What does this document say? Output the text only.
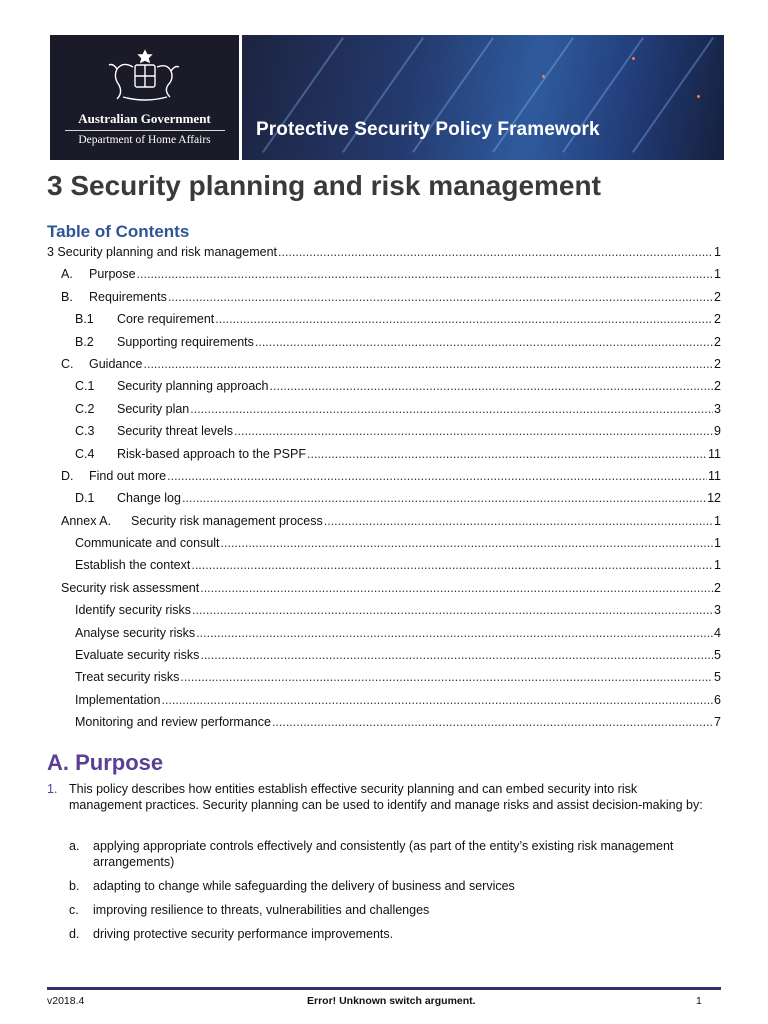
Australian Government
Department of Home Affairs Protective Security Policy Framework
3 Security planning and risk management
Table of Contents
3 Security planning and risk management .....	1
A.	Purpose .....	1
B.	Requirements .....	2
B.1	Core requirement .....	2
B.2	Supporting requirements .....	2
C.	Guidance .....	2
C.1	Security planning approach .....	2
C.2	Security plan .....	3
C.3	Security threat levels .....	9
C.4	Risk-based approach to the PSPF .....	11
D.	Find out more .....	11
D.1	Change log .....	12
Annex A.	Security risk management process .....	1
Communicate and consult .....	1
Establish the context .....	1
Security risk assessment .....	2
Identify security risks .....	3
Analyse security risks .....	4
Evaluate security risks .....	5
Treat security risks .....	5
Implementation .....	6
Monitoring and review performance .....	7
A. Purpose
1. This policy describes how entities establish effective security planning and can embed security into risk management practices. Security planning can be used to identify and manage risks and assist decision-making by:
a. applying appropriate controls effectively and consistently (as part of the entity’s existing risk management arrangements)
b. adapting to change while safeguarding the delivery of business and services
c. improving resilience to threats, vulnerabilities and challenges
d. driving protective security performance improvements.
v2018.4	Error! Unknown switch argument.	1
